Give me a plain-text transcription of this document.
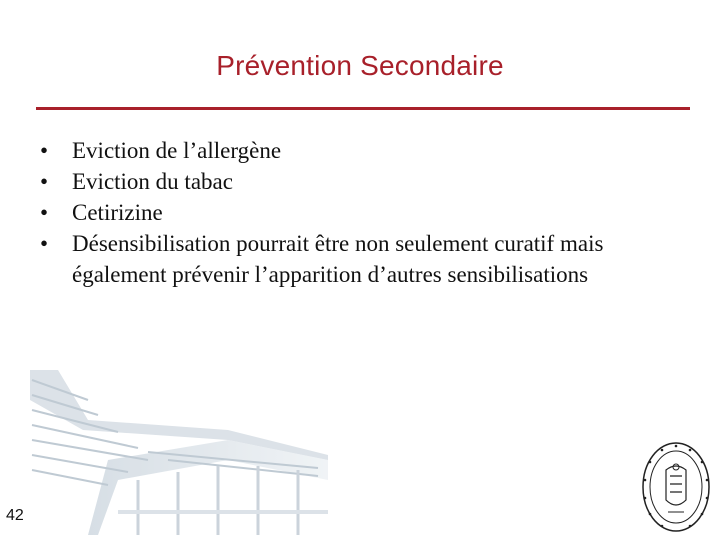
Prévention Secondaire
• Eviction de l’allergène
• Eviction du tabac
• Cetirizine
• Désensibilisation pourrait être non seulement curatif mais également prévenir l’apparition d’autres sensibilisations
42
